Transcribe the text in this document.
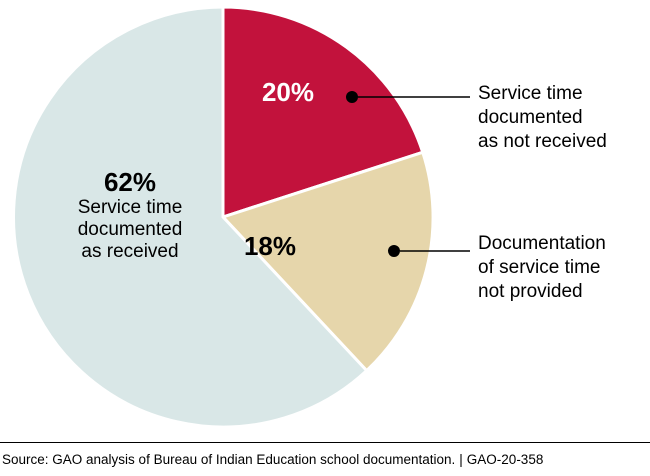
20%
18%
62%
Service time
documented
as received
Service time
documented
as not received
Documentation
of service time
not provided
Source: GAO analysis of Bureau of Indian Education school documentation. | GAO-20-358
